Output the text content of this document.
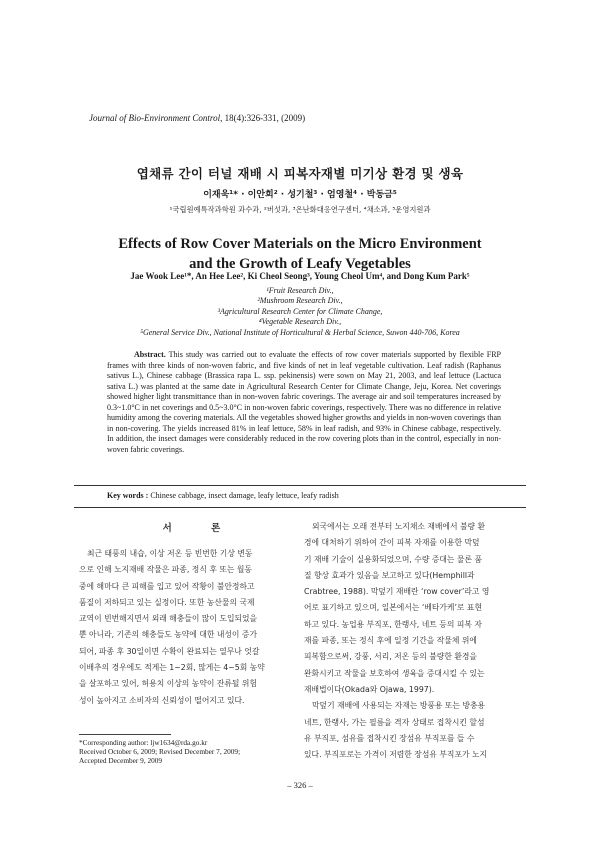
Journal of Bio-Environment Control, 18(4):326-331, (2009)
엽채류 간이 터널 재배 시 피복자재별 미기상 환경 및 생육
이재욱¹* · 이안희² · 성기철³ · 엄영철⁴ · 박동금⁵
¹국립원예특작과학원 과수과, ²버섯과, ³온난화대응연구센터, ⁴채소과, ⁵운영지원과
Effects of Row Cover Materials on the Micro Environment
and the Growth of Leafy Vegetables
Jae Wook Lee¹*, An Hee Lee², Ki Cheol Seong³, Young Cheol Um⁴, and Dong Kum Park⁵
¹Fruit Research Div.,
²Mushroom Research Div.,
³Agricultural Research Center for Climate Change,
⁴Vegetable Research Div.,
⁵General Service Div., National Institute of Horticultural & Herbal Science, Suwon 440-706, Korea
Abstract. This study was carried out to evaluate the effects of row cover materials supported by flexible FRP frames with three kinds of non-woven fabric, and five kinds of net in leaf vegetable cultivation. Leaf radish (Raphanus sativus L.), Chinese cabbage (Brassica rapa L. ssp. pekinensis) were sown on May 21, 2003, and leaf lettuce (Lactuca sativa L.) was planted at the same date in Agricultural Research Center for Climate Change, Jeju, Korea. Net coverings showed higher light transmittance than in non-woven fabric coverings. The average air and soil temperatures increased by 0.3~1.0°C in net coverings and 0.5~3.0°C in non-woven fabric coverings, respectively. There was no difference in relative humidity among the covering materials. All the vegetables showed higher growths and yields in non-woven coverings than in non-covering. The yields increased 81% in leaf lettuce, 58% in leaf radish, and 93% in Chinese cabbage, respectively. In addition, the insect damages were considerably reduced in the row covering plots than in the control, especially in non-woven fabric coverings.
Key words : Chinese cabbage, insect damage, leafy lettuce, leafy radish
서 론
최근 태풍의 내습, 이상 저온 등 빈번한 기상 변동
으로 인해 노지재배 작물은 파종, 정식 후 또는 월동
중에 해마다 큰 피해를 입고 있어 작황이 불안정하고
품질이 저하되고 있는 실정이다. 또한 농산물의 국제
교역이 빈번해지면서 외래 해충들이 많이 도입되었을
뿐 아니라, 기존의 해충들도 농약에 대한 내성이 증가
되어, 파종 후 30일이면 수확이 완료되는 열무나 엇갈
이배추의 경우에도 적게는 1~2회, 많게는 4~5회 농약
을 살포하고 있어, 허용치 이상의 농약이 잔류될 위험
성이 높아지고 소비자의 신뢰성이 떨어지고 있다.
외국에서는 오래 전부터 노지채소 재배에서 불량 환
경에 대처하기 위하여 간이 피복 자재를 이용한 막덮
기 재배 기술이 실용화되었으며, 수량 증대는 물론 품
질 향상 효과가 있음을 보고하고 있다(Hemphill과
Crabtree, 1988). 막덮기 재배란 ‘row cover’라고 영
어로 표기하고 있으며, 일본에서는 ‘베타가케’로 표현
하고 있다. 농업용 부직포, 한랭사, 네트 등의 피복 자
재를 파종, 또는 정식 후에 일정 기간을 작물체 위에
피복함으로써, 강풍, 서리, 저온 등의 불량한 환경을
완화시키고 작물을 보호하여 생육을 증대시킬 수 있는
재배법이다(Okada와 Ojawa, 1997).
막덮기 재배에 사용되는 자재는 방풍용 또는 방충용
네트, 한랭사, 가는 필름을 격자 상태로 접착시킨 할섬
유 부직포, 섬유를 접착시킨 장섬유 부직포를 들 수
있다. 부직포로는 가격이 저렴한 장섬유 부직포가 노지
*Corresponding author: ljw1634@rda.go.kr
Received October 6, 2009; Revised December 7, 2009;
Accepted December 9, 2009
– 326 –
